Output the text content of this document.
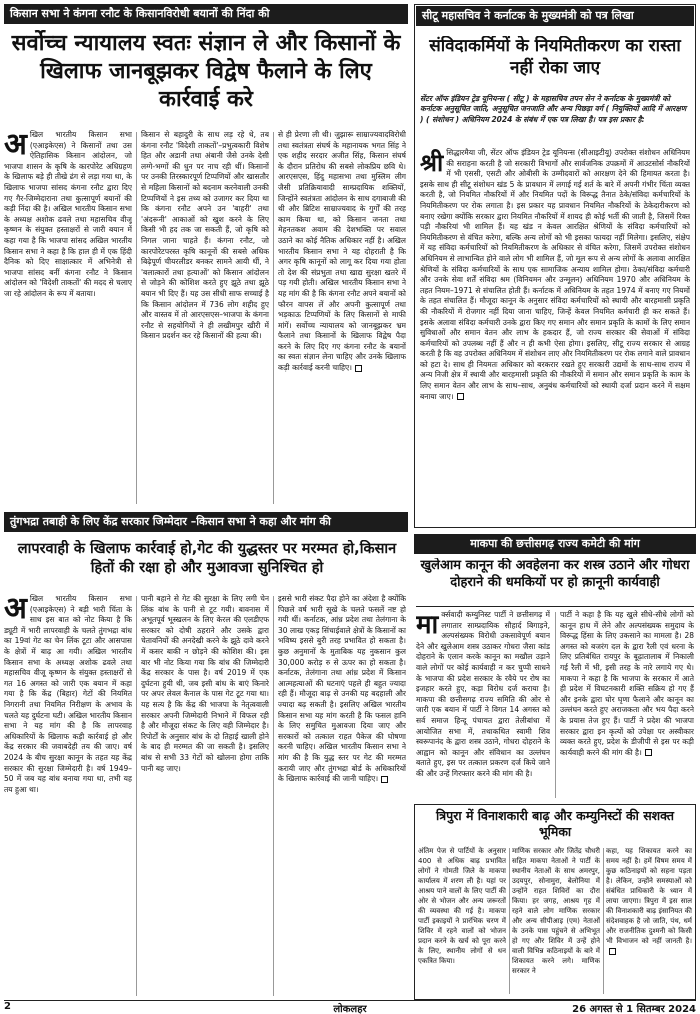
किसान सभा ने कंगना रनौट के किसानविरोधी बयानों की निंदा की
सर्वोच्च न्यायालय स्वतः संज्ञान ले और किसानों के खिलाफ जानबूझकर विद्वेष फैलाने के लिए कार्रवाई करे
अ खिल भारतीय किसान सभा (एआइकेएस) ने किसानों तथा उस ऐतिहासिक किसान आंदोलन, जो भाजपा शासन के कृषि के कारपोरेट अधिग्रहण के खिलाफ बड़े ही तीखे ढंग से लड़ा गया था, के खिलाफ भाजपा सांसद कंगना रनौट द्वारा दिए गए गैर-जिम्मेदाराना तथा कुत्सापूर्ण बयानों की कड़ी निंदा की है। अखिल भारतीय किसान सभा के अध्यक्ष अशोक ढवले तथा महासचिव वीजू कृष्णन के संयुक्त हस्ताक्षरों से जारी बयान में कहा गया है कि भाजपा सांसद अखिल भारतीय किसान सभा ने कहा है कि हाल ही में एक हिंदी दैनिक को दिए साक्षात्कार में अभिनेत्री से भाजपा सांसद बनीं कंगना रनौट ने किसान आंदोलन को 'विदेशी ताकतों' की मदद से चलाए जा रहे आंदोलन के रूप में बताया।
किसान से बहादुरी के साथ लड़ रहे थे, तब कंगना रनौट 'विदेशी ताकतों'–प्रभुत्वकारी विशेष हित और अडानी तथा अंबानी जैसे उनके देसी लग्गे-भग्गों की धुन पर नाच रही थीं। किसानों पर उनकी तिरस्कारपूर्ण टिप्पणियों और खासतौर से महिला किसानों को बदनाम करनेवाली उनकी टिप्पणियों ने इस तथ्य को उजागर कर दिया था कि कंगना रनौट अपने उन 'बाहरी' तथा 'अंदरूनी' आकाओं को खुश करने के लिए किसी भी हद तक जा सकती हैं, जो कृषि को निगल जाना चाहते हैं। कंगना रनौट, जो कारपोरेटपरस्त कृषि कानूनों की सबसे अधिक बिढ़ेपूर्ण चीयरलीडर बनकर सामने आयी थीं, ने 'बलात्कारों तथा हत्याओं' को किसान आंदोलन से जोड़ने की कोशिश करते हुए झूठे तथा झूठे बयान भी दिए हैं। यह उस सीधी साफ सच्चाई है कि किसान आंदोलन में 736 लोग शहीद हुए और वास्तव में तो आरएसएस–भाजपा के कंगना रनौट से सहयोगियों ने ही लखीमपुर खीरी में किसान प्रदर्शन कर रहे किसानों की हत्या की।
से ही प्रेरणा ली थी। जुझारू साम्राज्यवादविरोधी तथा स्वतंत्रता संघर्ष के महानायक भगत सिंह ने एक शहीद सरदार अजीत सिंह, किसान संघर्ष के दौरान प्रतिरोध की सबसे लोकप्रिय छवि थे। आरएसएस, हिंदु महासभा तथा मुस्लिम लीग जैसी प्रतिक्रियावादी साम्प्रदायिक शक्तियों, जिन्होंने स्वतंत्रता आंदोलन के साथ दगाबाजी की थी और ब्रिटिश साम्राज्यवाद के गुर्गों की तरह काम किया था, को किसान जनता तथा मेहनतकश अवाम की देशभक्ति पर सवाल उठाने का कोई नैतिक अधिकार नहीं है। अखिल भारतीय किसान सभा ने यह दोहराती है कि अगर कृषि कानूनों को लागू कर दिया गया होता तो देश की संप्रभुता तथा खाद्य सुरक्षा खतरे में पड़ गयी होती। अखिल भारतीय किसान सभा ने यह मांग की है कि कंगना रनौट अपने बयानों को फौरन वापस लें और अपनी कुत्सापूर्ण तथा भड़काऊ टिप्पणियों के लिए किसानों से माफी मांगें। सर्वोच्च न्यायालय को जानबूझकर भ्रम फैलाने तथा किसानों के खिलाफ विद्वेष पैदा करने के लिए दिए गए कंगना रनौट के बयानों का स्वतः संज्ञान लेना चाहिए और उनके खिलाफ कड़ी कार्रवाई करनी चाहिए।
सीटू महासचिव ने कर्नाटक के मुख्यमंत्री को पत्र लिखा
संविदाकर्मियों के नियमितीकरण का रास्ता नहीं रोका जाए
सेंटर ऑफ इंडियन ट्रेड यूनियन्स ( सीटू ) के महासचिव तपन सेन ने कर्नाटक के मुख्यमंत्री को कर्नाटक अनुसूचित जाति, अनुसूचित जनजाति और अन्य पिछड़ा वर्ग ( नियुक्तियों आदि में आरक्षण ) ( संशोधन ) अधिनियम 2024 के संबंध में एक पत्र लिखा है। पत्र इस प्रकार है:
श्री सिद्धारमैया जी, सेंटर ऑफ इंडियन ट्रेड यूनियन्स (सीआइटीयू) उपरोक्त संशोधन अधिनियम की सराहना करती है जो सरकारी विभागों और सार्वजनिक उपक्रमों में आउटसोर्स नौकरियों में भी एससी, एसटी और ओबीसी के उम्मीदवारों को आरक्षण देने की हिमायत करता है। इसके साथ ही सीटू संशोधन खंड 5 के प्रावधान में लगाई गई शर्त के बारे में अपनी गंभीर चिंता व्यक्त करती है, जो नियमित नौकरियों में और नियमित पदों के विरूद्ध तैनात ठेके/संविदा कर्मचारियों के नियमितीकरण पर रोक लगाता है। इस प्रकार यह प्रावधान नियमित नौकरियों के ठेकेदारीकरण को बनाए रखेगा क्योंकि सरकार द्वारा नियमित नौकरियों में शायद ही कोई भर्ती की जाती है, जिसमें रिक्त पड़ी नौकरियां भी शामिल हैं। यह खंड न केवल आरक्षित श्रेणियों के संविदा कर्मचारियों को नियमितीकरण से वंचित करेगा, बल्कि अन्य लोगों को भी इसका फायदा नहीं मिलेगा। इसलिए, संक्षेप में यह संविदा कर्मचारियों को नियमितीकरण के अधिकार से वंचित करेगा, जिसमें उपरोक्त संशोधन अधिनियम से लाभान्वित होने वाले लोग भी शामिल हैं, जो मूल रूप से अन्य लोगों के अलावा आरक्षित श्रेणियों के संविदा कर्मचारियों के साथ एक सामाजिक अन्याय शामिल होगा। ठेका/संविदा कर्मचारी और उनके सेवा शर्तें संविदा श्रम (विनियमन और उन्मूलन) अधिनियम 1970 और अधिनियम के तहत नियम–1971 से संचालित होती हैं। कर्नाटक में अधिनियम के तहत 1974 में बनाए गए नियमों के तहत संचालित हैं। मौजूदा कानून के अनुसार संविदा कर्मचारियों को स्थायी और बारहमासी प्रकृति की नौकरियों में रोजगार नहीं दिया जाना चाहिए, जिन्हें केवल नियमित कर्मचारी ही कर सकते हैं। इसके अलावा संविदा कर्मचारी उनके द्वारा किए गए समान और समान प्रकृति के कामों के लिए समान सुविधाओं और समान वेतन और लाभ के हकदार हैं, जो राज्य सरकार की सेवाओं में संविदा कर्मचारियों को उपलब्ध नहीं हैं और न ही कभी ऐसा होगा। इसलिए, सीटू राज्य सरकार से आग्रह करती है कि वह उपरोक्त अधिनियम में संशोधन लाए और नियमितीकरण पर रोक लगाने वाले प्रावधान को हटा दे। साथ ही नियमतः अधिकार को बरकरार रखते हुए सरकारी उद्यमों के साथ-साथ राज्य में अन्य निजी क्षेत्र में स्थायी और बारहमासी प्रकृति की नौकरियों में समान और समान प्रकृति के काम के लिए समान वेतन और लाभ के साथ–साथ, अनुबंध कर्मचारियों को स्थायी दर्जा प्रदान करने में सक्षम बनाया जाए।
तुंगभद्रा तबाही के लिए केंद्र सरकार जिम्मेदार –किसान सभा ने कहा और मांग की
लापरवाही के खिलाफ कार्रवाई हो,गेट की युद्धस्तर पर मरम्मत हो,किसान हितों की रक्षा हो और मुआवजा सुनिश्चित हो
अ खिल भारतीय किसान सभा (एआइकेएस) ने बड़ी भारी चिंता के साथ इस बात को नोट किया है कि ड्यूटी में भारी लापरवाही के चलते तुंगभद्रा बांध का 19वां गेट का चेन लिंक टूटा और आसपास के क्षेत्रों में बाढ़ आ गयी। अखिल भारतीय किसान सभा के अध्यक्ष अशोक ढवले तथा महासचिव वीजू कृष्णन के संयुक्त हस्ताक्षरों से गत 16 अगस्त को जारी एक बयान में कहा गया है कि केंद्र (बिहार) गेटों की नियमित निगरानी तथा नियमित निरीक्षण के अभाव के चलते यह दुर्घटना घटी। अखिल भारतीय किसान सभा ने यह मांग की है कि लापरवाह अधिकारियों के खिलाफ कड़ी कार्रवाई हो और केंद्र सरकार की जवाबदेही तय की जाए। वर्ष 2024 के बीच सुरक्षा कानून के तहत यह केंद्र सरकार की सुरक्षा जिम्मेदारी है। वर्ष 1949–50 में जब यह बांध बनाया गया था, तभी यह तय हुआ था।
पानी बहाने से गेट की सुरक्षा के लिए लगी चेन लिंक बांध के पानी से टूट गयी। बावनास में अभूतपूर्व भूस्खलन के लिए केरल की एलडीएफ सरकार को दोषी ठहराने और उसके द्वारा चेतावनियों की अनदेखी करने के झूठे दावे करने में कसर बाकी न छोड़ने की कोशिश की। इस बार भी नोट किया गया कि बांध की जिम्मेदारी केंद्र सरकार के पास है। वर्ष 2019 में एक दुर्घटना हुयी थी, जब इसी बांध के बाएं किनारे पर अपर लेवल कैनाल के पास गेट टूट गया था। यह सत्य है कि केंद्र की भाजपा के नेतृत्ववाली सरकार अपनी जिम्मेदारी निभाने में विफल रही है और मौजूदा संकट के लिए वही जिम्मेदार है। रिपोर्टों के अनुसार बांध के दो तिहाई खाली होने के बाद ही मरम्मत की जा सकती है। इसलिए बांध से सभी 33 गेटों को खोलना होगा ताकि पानी बह जाए।
इससे भारी संकट पैदा होने का अंदेशा है क्योंकि पिछले वर्ष भारी सूखे के चलते फसलें नष्ट हो गयी थीं। कर्नाटक, आंध्र प्रदेश तथा तेलंगाना के 30 लाख एकड़ सिंचाईवाले क्षेत्रों के किसानों का भविष्य इससे बुरी तरह प्रभावित हो सकता है। कुछ अनुमानों के मुताबिक यह नुकसान कुल 30,000 करोड़ रु से ऊपर का हो सकता है। कर्नाटक, तेलंगाना तथा आंध्र प्रदेश में किसान आत्महत्याओं की घटनाएं पहले ही बहुत ज्यादा रही हैं। मौजूदा बाढ़ से उनकी यह बदहाली और ज्यादा बढ़ सकती है। इसलिए अखिल भारतीय किसान सभा यह मांग करती है कि फसल हानि के लिए समुचित मुआवजा दिया जाए और सरकारों को तत्काल राहत पैकेज की घोषणा करनी चाहिए। अखिल भारतीय किसान सभा ने मांग की है कि युद्ध स्तर पर गेट की मरम्मत करायी जाए और तुंगभद्रा बोर्ड के अधिकारियों के खिलाफ कार्रवाई की जानी चाहिए।
माकपा की छत्तीसगढ़ राज्य कमेटी की मांग
खुलेआम कानून की अवहेलना कर शस्त्र उठाने और गोधरा दोहराने की धमकियों पर हो क़ानूनी कार्यवाही
मा र्क्सवादी कम्युनिस्ट पार्टी ने छत्तीसगढ़ में लगातार साम्प्रदायिक सौहार्द बिगाड़ने, अल्पसंख्यक विरोधी उकसावेपूर्ण बयान देने और खुलेआम शस्त्र उठाकर गोधरा जैसा कांड दोहराने के एलान करके कानून का मखौल उड़ाने वाले लोगों पर कोई कार्यवाही न कर चुप्पी साधने के भाजपा की प्रदेश सरकार के रवैये पर रोष का इजहार करते हुए, कड़ा विरोध दर्ज कराया है। माकपा की छत्तीसगढ़ राज्य समिति की ओर से जारी एक बयान में पार्टी ने विगत 14 अगस्त को सर्व समाज हिन्दू पंचायत द्वारा तेलीबांधा में आयोजित सभा में, तथाकथित स्वामी शिव स्वरूपानंद के द्वारा शस्त्र उठाने, गोधरा दोहराने के आह्वान को कानून और संविधान का उल्लंघन बताते हुए, इस पर तत्काल प्रकरण दर्ज किये जाने की और उन्हें गिरफ्तार करने की मांग की है।
पार्टी ने कहा है कि यह खुले सीधे-सीधे लोगों को कानून हाथ में लेने और अल्पसंख्यक समुदाय के विरूद्ध हिंसा के लिए उकसाने का मामला है। 28 अगस्त को बजरंग दल के द्वारा रैली एवं धरना के लिए प्रतिबंधित रायपुर के बूढ़ातालाब में निकाली गई रैली में भी, इसी तरह के नारे लगाये गए थे। माकपा ने कहा है कि भाजपा के सरकार में आते ही प्रदेश में विघटनकारी शक्ति सक्रिय हो गए हैं और इनके द्वारा घोर घृणा फैलाने और कानून का उल्लंघन करते हुए अराजकता और भय पैदा करने के प्रयास तेज हुए हैं। पार्टी ने प्रदेश की भाजपा सरकार द्वारा इन कृत्यों को उपेक्षा पर अस्वीकार व्यक्त करते हुए, प्रदेश के डीजीपी से इस पर कड़ी कार्यवाही करने की मांग की है।
त्रिपुरा में विनाशकारी बाढ़ और कम्युनिस्टों की सशक्त भूमिका
अंतिम पेज से पार्टियों के अनुसार 400 से अधिक बाढ़ प्रभावित लोगों ने गोमती जिले के माकपा कार्यालय में शरण ली है। यहां पर आश्रय पाने वालों के लिए पार्टी की ओर से भोजन और अन्य जरूरतों की व्यवस्था की गई है। माकपा पार्टी इकाइयों ने प्रारंभिक चरण में शिविर में रहने वालों को भोजन प्रदान करने के खर्च को पूरा करने के लिए, स्थानीय लोगों से धन एकत्रित किया।
माणिक सरकार और जितेंद्र चौधरी सहित माकपा नेताओं ने पार्टी के स्थानीय नेताओं के साथ अमरपुर, उदयपुर, सोनामुरा, बेलोनिया में उन्होंने राहत शिविरों का दौरा किया। हर जगह, आश्रय गृह में रहने वाले लोग माणिक सरकार और अन्य सीपीआइ (एम) नेताओं के उनके पास पहुंचने से अभिभूत हो गए और शिविर में उन्हें होने वाली विभिन्न कठिनाइयों के बारे में शिकायत करने लगे। माणिक सरकार ने
कहा, यह शिकायत करने का समय नहीं है। हमें विषम समय में कुछ कठिनाइयों को सहना पड़ता है। लेकिन, उन्होंने समस्याओं को संबंधित प्राधिकारी के ध्यान में लाया जाएगा। त्रिपुरा में इस साल की विनाशकारी बाढ़ इंसानियत की संदेशवाहक है जो जाति, पंथ, धर्म और राजनीतिक दुश्मनी को किसी भी विभाजन को नहीं जानती है।
2	लोकलहर	26 अगस्त से 1 सितम्बर 2024
